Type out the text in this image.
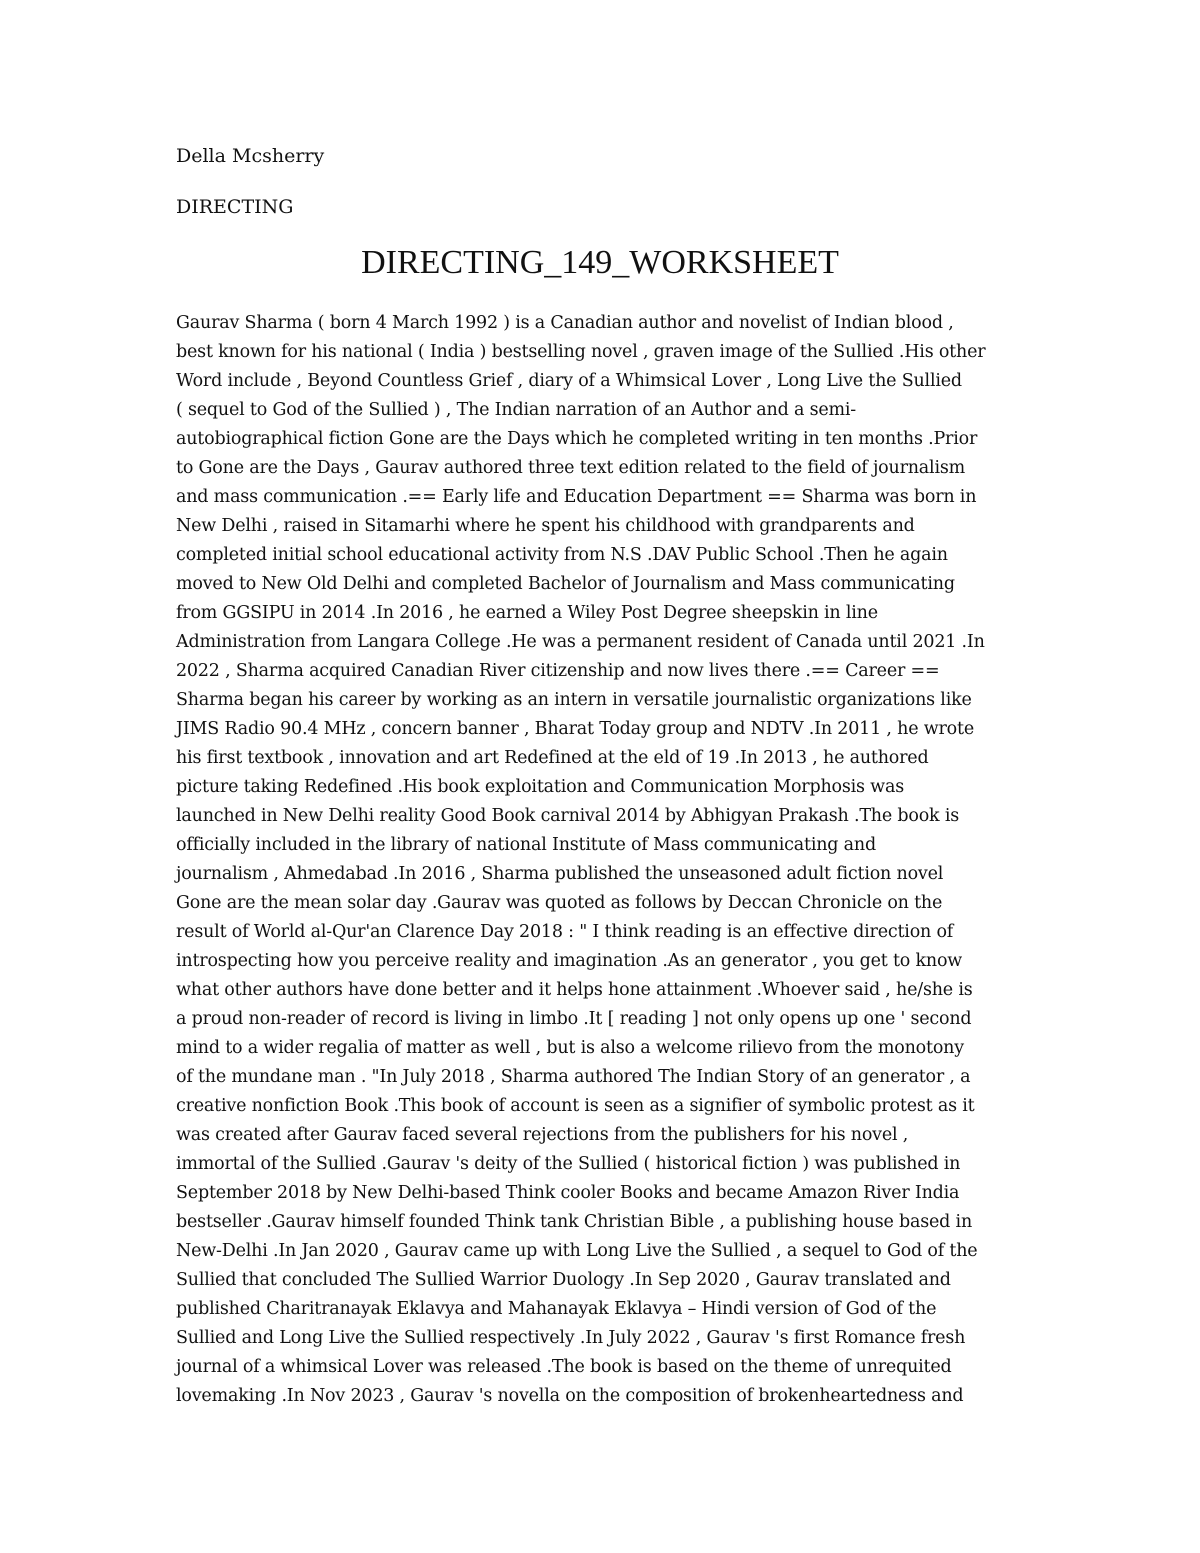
Della Mcsherry
DIRECTING
DIRECTING_149_WORKSHEET
Gaurav Sharma ( born 4 March 1992 ) is a Canadian author and novelist of Indian blood ,
best known for his national ( India ) bestselling novel , graven image of the Sullied .His other
Word include , Beyond Countless Grief , diary of a Whimsical Lover , Long Live the Sullied
( sequel to God of the Sullied ) , The Indian narration of an Author and a semi-
autobiographical fiction Gone are the Days which he completed writing in ten months .Prior
to Gone are the Days , Gaurav authored three text edition related to the field of journalism
and mass communication .== Early life and Education Department == Sharma was born in
New Delhi , raised in Sitamarhi where he spent his childhood with grandparents and
completed initial school educational activity from N.S .DAV Public School .Then he again
moved to New Old Delhi and completed Bachelor of Journalism and Mass communicating
from GGSIPU in 2014 .In 2016 , he earned a Wiley Post Degree sheepskin in line
Administration from Langara College .He was a permanent resident of Canada until 2021 .In
2022 , Sharma acquired Canadian River citizenship and now lives there .== Career ==
Sharma began his career by working as an intern in versatile journalistic organizations like
JIMS Radio 90.4 MHz , concern banner , Bharat Today group and NDTV .In 2011 , he wrote
his first textbook , innovation and art Redefined at the eld of 19 .In 2013 , he authored
picture taking Redefined .His book exploitation and Communication Morphosis was
launched in New Delhi reality Good Book carnival 2014 by Abhigyan Prakash .The book is
officially included in the library of national Institute of Mass communicating and
journalism , Ahmedabad .In 2016 , Sharma published the unseasoned adult fiction novel
Gone are the mean solar day .Gaurav was quoted as follows by Deccan Chronicle on the
result of World al-Qur'an Clarence Day 2018 : " I think reading is an effective direction of
introspecting how you perceive reality and imagination .As an generator , you get to know
what other authors have done better and it helps hone attainment .Whoever said , he/she is
a proud non-reader of record is living in limbo .It [ reading ] not only opens up one ' second
mind to a wider regalia of matter as well , but is also a welcome rilievo from the monotony
of the mundane man . "In July 2018 , Sharma authored The Indian Story of an generator , a
creative nonfiction Book .This book of account is seen as a signifier of symbolic protest as it
was created after Gaurav faced several rejections from the publishers for his novel ,
immortal of the Sullied .Gaurav 's deity of the Sullied ( historical fiction ) was published in
September 2018 by New Delhi-based Think cooler Books and became Amazon River India
bestseller .Gaurav himself founded Think tank Christian Bible , a publishing house based in
New-Delhi .In Jan 2020 , Gaurav came up with Long Live the Sullied , a sequel to God of the
Sullied that concluded The Sullied Warrior Duology .In Sep 2020 , Gaurav translated and
published Charitranayak Eklavya and Mahanayak Eklavya – Hindi version of God of the
Sullied and Long Live the Sullied respectively .In July 2022 , Gaurav 's first Romance fresh
journal of a whimsical Lover was released .The book is based on the theme of unrequited
lovemaking .In Nov 2023 , Gaurav 's novella on the composition of brokenheartedness and
